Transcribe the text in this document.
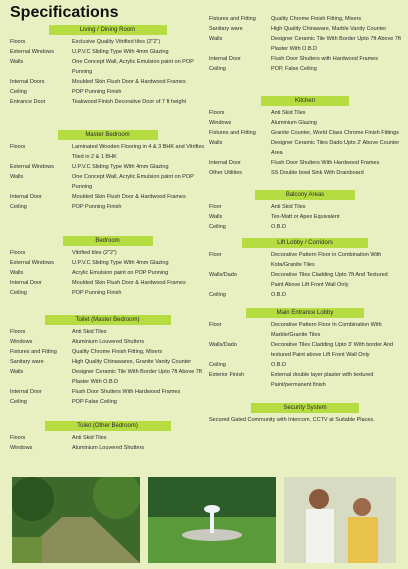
Specifications
Living / Dining Room
Floors	Exclusive Quality Vitrified tiles (2"2")
External Windows	U.P.V.C Sliding Type With 4mm Glazing
Walls	One Concept Wall, Acrylic Emulsion paint on POP Punning
Internal Doors	Moulded Skin Flush Door & Hardwood Frames
Ceiling	POP Punning Finish
Entrance Door	Teakwood Finish Decorative Door of 7 ft height
Master Bedroom
Floors	Laminated Wooden Flooring in 4 & 3 BHK and Vitrifies Tiled in 2 & 1 BHK
External Windows	U.P.V.C Sliding Type With 4mm Glazing
Walls	One Concept Wall, Acrylic Emulsion paint on POP Punning
Internal Door	Moulded Skin Flush Door & Hardwood Frames
Ceiling	POP Punning Finish
Bedroom
Floors	Vitrified tiles (2"2")
External Windows	U.P.V.C Sliding Type With 4mm Glazing
Walls	Acrylic Emulsion paint on POP Punning
Internal Door	Moulded Skin Flush Door & Hardwood Frames
Ceiling	POP Punning Finish
Toilet (Master Bedroom)
Floors	Anti Skid Tiles
Windows	Aluminium Louvered Shutters
Fixtures and Fitting	Quality Chrome Finish Fitting, Mixers
Sanitary ware	High Quality Chinawares, Granite Vanity Counter
Walls	Designer Ceramic Tile With Border Upto 7ft Above 7ft Plaster With O.B.D
Internal Door	Flush Door Shutters With Hardwood Frames
Ceiling	POP False Ceiling
Toilet (Other Bedroom)
Floors	Anti Skid Tiles
Windows	Aluminium Louvered Shutters
Fixtures and Fitting	Quality Chrome Finish Fitting, Mixers
Sanitary ware	High Quality Chinaware, Marble Vanity Counter
Walls	Designer Ceramic Tile With Border Upto 7ft Above 7ft Plaster With O.B.D
Internal Door	Flush Door Shutters with Hardwood Frames
Ceiling	POP, False Ceiling
Kitchen
Floors	Anti Skid Tiles
Windows	Aluminium Glazing
Fixtures and Fitting	Granite Counter, World Class Chrome Finish Fittings
Walls	Designer Ceramic Tiles Dado Upto 2' Above Counter Area
Internal Door	Flush Door Shutters With Hardwood Frames
Other Utilities	SS Double bowl Sink With Drainboard
Balcony Areas
Floor	Anti Skid Tiles
Walls	Tex-Matt or Apex Equivalent
Ceiling	O.B.D
Lift Lobby / Corridors
Floor	Decorative Pattern Floor in Combination With Kota/Granite Tiles
Walls/Dado	Decorative Tiles Cladding Upto 7ft And Textured Paint Above Lift Front Wall Only
Ceiling	O.B.D
Main Entrance Lobby
Floor	Decorative Pattern Floor In Combination With Marble/Granite Tiles
Walls/Dado	Decorative Tiles Cladding Upto 3' With border And textured Paint above Lift Front Wall Only
Ceiling	O.B.D
Exterior Finish	External double layer plaster with textured Paint/permanent finish
Security System
Secured Gated Community with Intercom, CCTV at Suitable Places.
